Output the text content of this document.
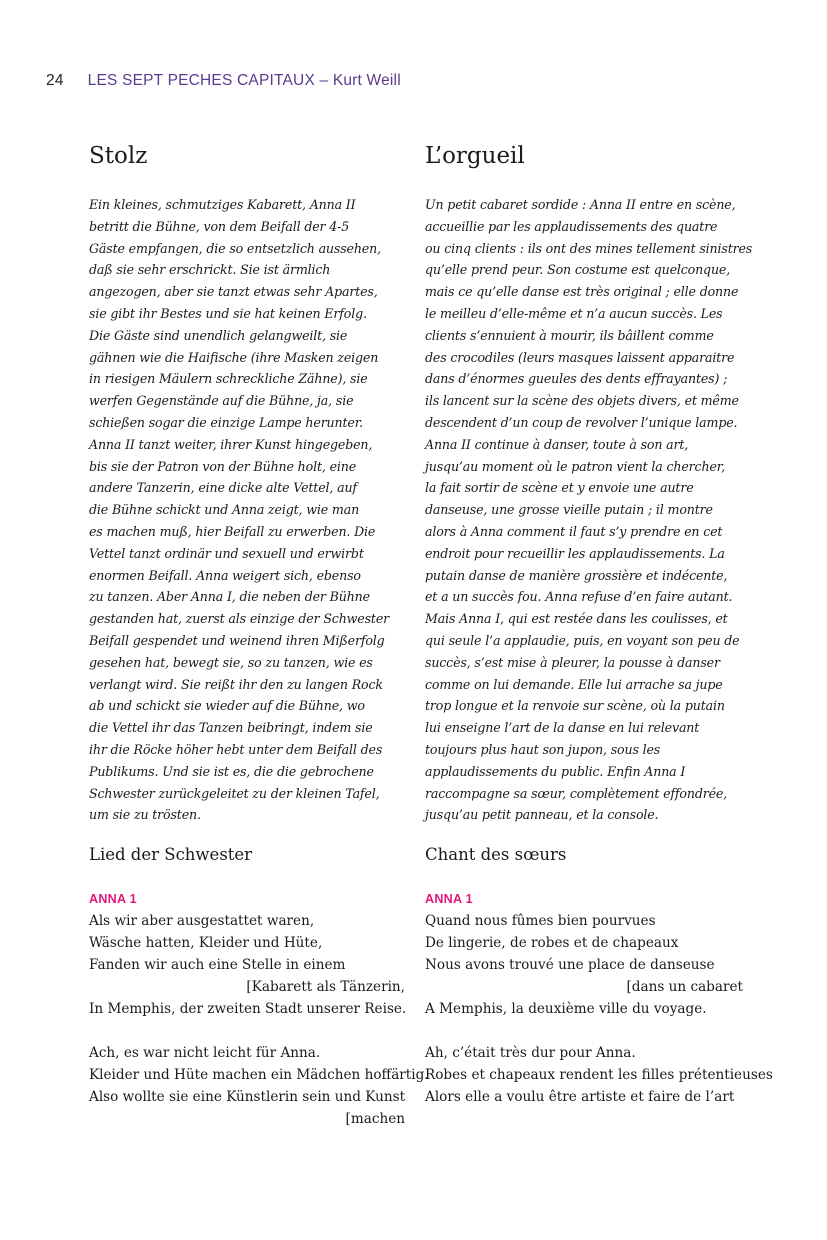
24 LES SEPT PECHES CAPITAUX – Kurt Weill
Stolz
Ein kleines, schmutziges Kabarett, Anna II
betritt die Bühne, von dem Beifall der 4-5
Gäste empfangen, die so entsetzlich aussehen,
daß sie sehr erschrickt. Sie ist ärmlich
angezogen, aber sie tanzt etwas sehr Apartes,
sie gibt ihr Bestes und sie hat keinen Erfolg.
Die Gäste sind unendlich gelangweilt, sie
gähnen wie die Haifische (ihre Masken zeigen
in riesigen Mäulern schreckliche Zähne), sie
werfen Gegenstände auf die Bühne, ja, sie
schießen sogar die einzige Lampe herunter.
Anna II tanzt weiter, ihrer Kunst hingegeben,
bis sie der Patron von der Bühne holt, eine
andere Tanzerin, eine dicke alte Vettel, auf
die Bühne schickt und Anna zeigt, wie man
es machen muß, hier Beifall zu erwerben. Die
Vettel tanzt ordinär und sexuell und erwirbt
enormen Beifall. Anna weigert sich, ebenso
zu tanzen. Aber Anna I, die neben der Bühne
gestanden hat, zuerst als einzige der Schwester
Beifall gespendet und weinend ihren Mißerfolg
gesehen hat, bewegt sie, so zu tanzen, wie es
verlangt wird. Sie reißt ihr den zu langen Rock
ab und schickt sie wieder auf die Bühne, wo
die Vettel ihr das Tanzen beibringt, indem sie
ihr die Röcke höher hebt unter dem Beifall des
Publikums. Und sie ist es, die die gebrochene
Schwester zurückgeleitet zu der kleinen Tafel,
um sie zu trösten.
Lied der Schwester
ANNA 1
Als wir aber ausgestattet waren,
Wäsche hatten, Kleider und Hüte,
Fanden wir auch eine Stelle in einem
[Kabarett als Tänzerin,
In Memphis, der zweiten Stadt unserer Reise.
Ach, es war nicht leicht für Anna.
Kleider und Hüte machen ein Mädchen hoffärtig.
Also wollte sie eine Künstlerin sein und Kunst
[machen
L’orgueil
Un petit cabaret sordide : Anna II entre en scène,
accueillie par les applaudissements des quatre
ou cinq clients : ils ont des mines tellement sinistres
qu’elle prend peur. Son costume est quelconque,
mais ce qu’elle danse est très original ; elle donne
le meilleu d’elle-même et n’a aucun succès. Les
clients s’ennuient à mourir, ils bâillent comme
des crocodiles (leurs masques laissent apparaitre
dans d’énormes gueules des dents effrayantes) ;
ils lancent sur la scène des objets divers, et même
descendent d’un coup de revolver l’unique lampe.
Anna II continue à danser, toute à son art,
jusqu’au moment où le patron vient la chercher,
la fait sortir de scène et y envoie une autre
danseuse, une grosse vieille putain ; il montre
alors à Anna comment il faut s’y prendre en cet
endroit pour recueillir les applaudissements. La
putain danse de manière grossière et indécente,
et a un succès fou. Anna refuse d’en faire autant.
Mais Anna I, qui est restée dans les coulisses, et
qui seule l’a applaudie, puis, en voyant son peu de
succès, s’est mise à pleurer, la pousse à danser
comme on lui demande. Elle lui arrache sa jupe
trop longue et la renvoie sur scène, où la putain
lui enseigne l’art de la danse en lui relevant
toujours plus haut son jupon, sous les
applaudissements du public. Enfin Anna I
raccompagne sa sœur, complètement effondrée,
jusqu’au petit panneau, et la console.
Chant des sœurs
ANNA 1
Quand nous fûmes bien pourvues
De lingerie, de robes et de chapeaux
Nous avons trouvé une place de danseuse
[dans un cabaret
A Memphis, la deuxième ville du voyage.
Ah, c’était très dur pour Anna.
Robes et chapeaux rendent les filles prétentieuses
Alors elle a voulu être artiste et faire de l’art
